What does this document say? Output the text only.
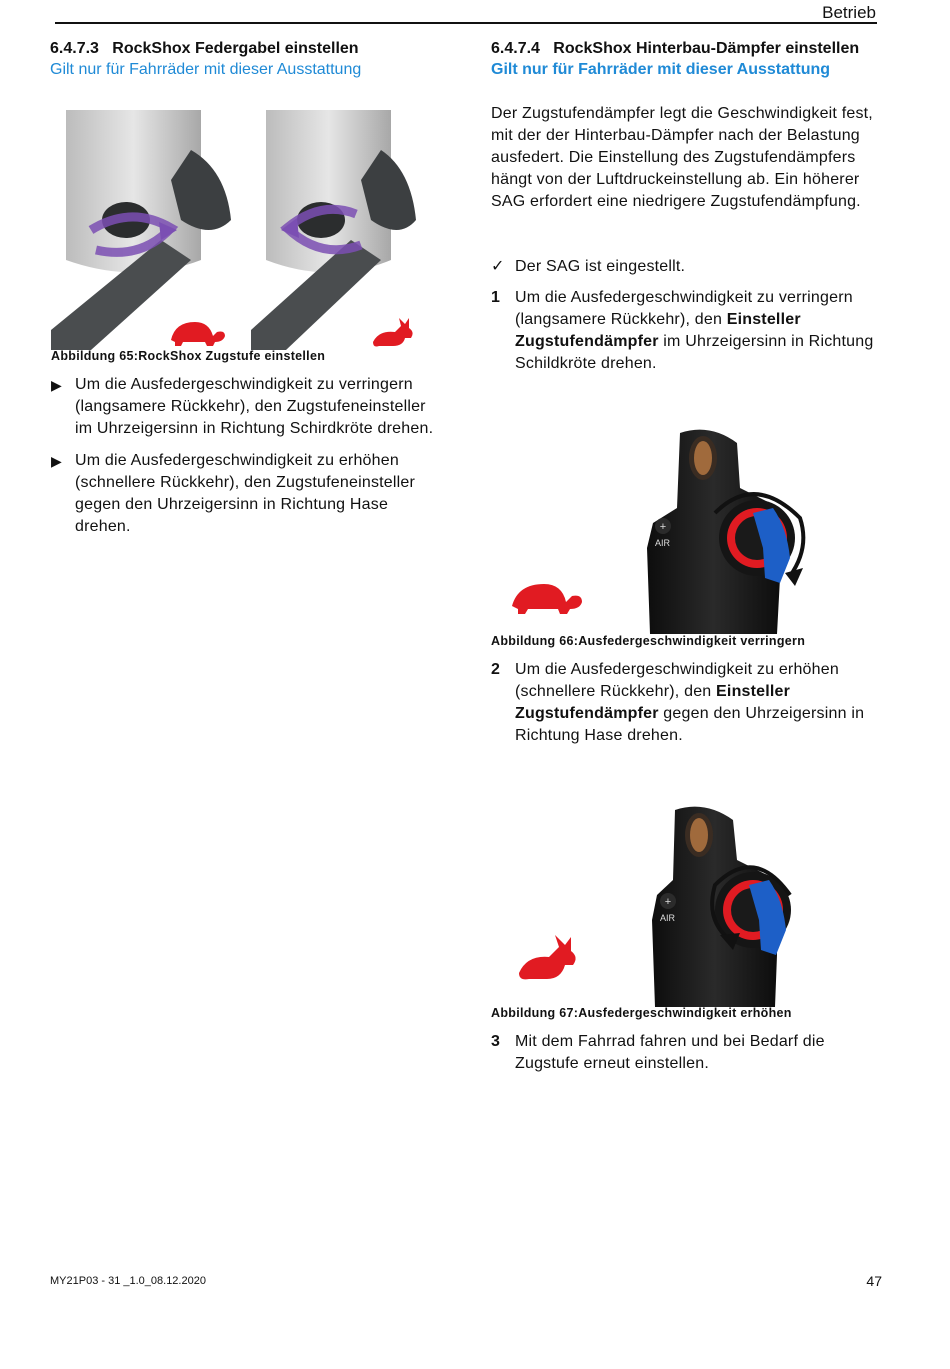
Betrieb
6.4.7.3 RockShox Federgabel einstellen
Gilt nur für Fahrräder mit dieser Ausstattung
Abbildung 65:RockShox Zugstufe einstellen
▶ Um die Ausfedergeschwindigkeit zu verringern (langsamere Rückkehr), den Zugstufeneinsteller im Uhrzeigersinn in Richtung Schirdkröte drehen.
▶ Um die Ausfedergeschwindigkeit zu erhöhen (schnellere Rückkehr), den Zugstufeneinsteller gegen den Uhrzeigersinn in Richtung Hase drehen.
6.4.7.4 RockShox Hinterbau-Dämpfer einstellen
Gilt nur für Fahrräder mit dieser Ausstattung

Der Zugstufendämpfer legt die Geschwindigkeit fest, mit der der Hinterbau-Dämpfer nach der Belastung ausfedert. Die Einstellung des Zugstufendämpfers hängt von der Luftdruckeinstellung ab. Ein höherer SAG erfordert eine niedrigere Zugstufendämpfung.

✓ Der SAG ist eingestellt.
1 Um die Ausfedergeschwindigkeit zu verringern (langsamere Rückkehr), den Einsteller Zugstufendämpfer im Uhrzeigersinn in Richtung Schildkröte drehen.
+
AIR
Abbildung 66:Ausfedergeschwindigkeit verringern
2 Um die Ausfedergeschwindigkeit zu erhöhen (schnellere Rückkehr), den Einsteller Zugstufendämpfer gegen den Uhrzeigersinn in Richtung Hase drehen.
+
AIR
Abbildung 67:Ausfedergeschwindigkeit erhöhen
3 Mit dem Fahrrad fahren und bei Bedarf die Zugstufe erneut einstellen.
MY21P03 - 31 _1.0_08.12.2020	47
